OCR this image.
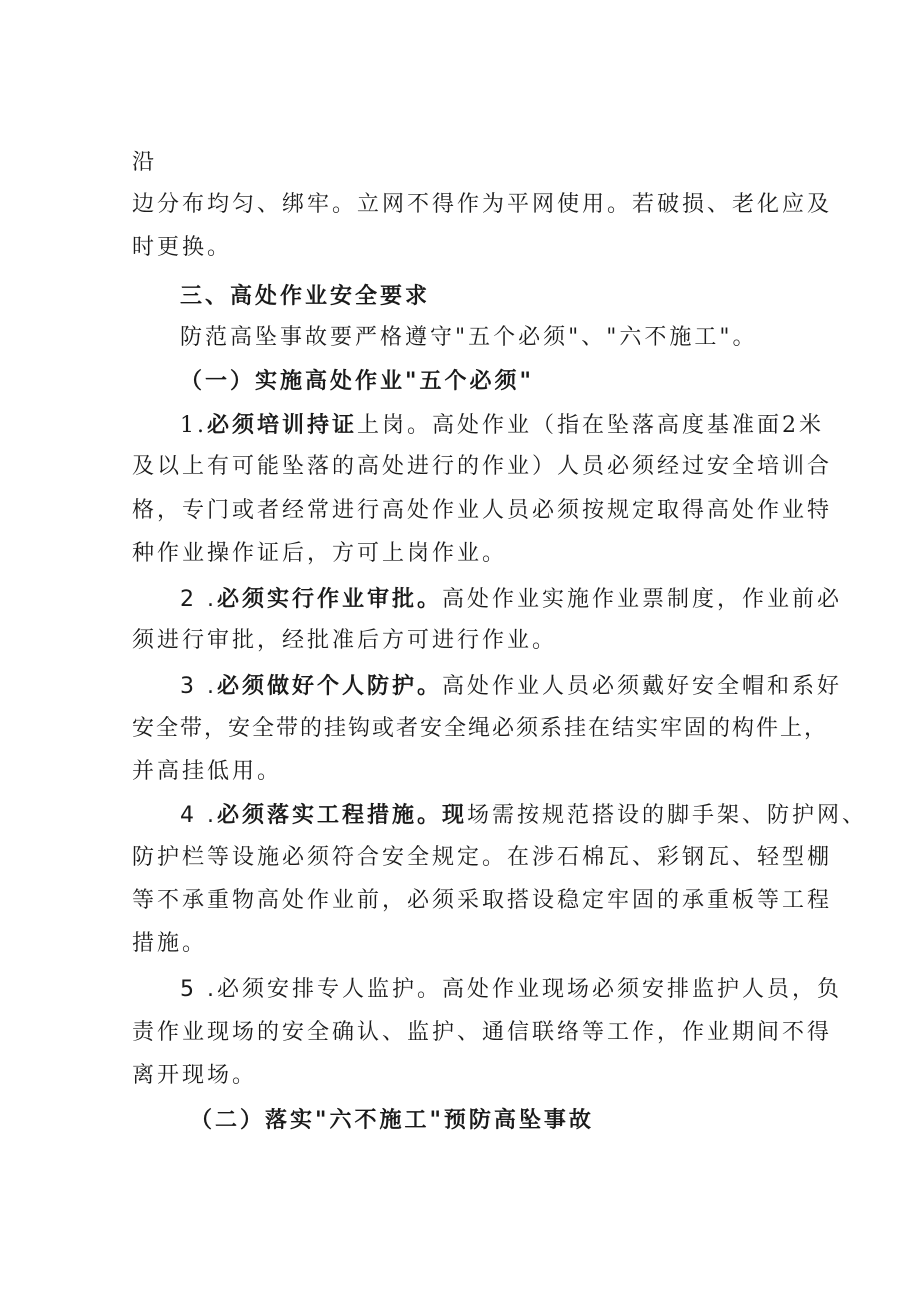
沿
边分布均匀、绑牢。立网不得作为平网使用。若破损、老化应及
时更换。
三、高处作业安全要求
防范高坠事故要严格遵守"五个必须"、"六不施工"。
（一）实施高处作业"五个必须"
1.必须培训持证上岗。高处作业（指在坠落高度基准面2米
及以上有可能坠落的高处进行的作业）人员必须经过安全培训合
格，专门或者经常进行高处作业人员必须按规定取得高处作业特
种作业操作证后，方可上岗作业。
2 .必须实行作业审批。高处作业实施作业票制度，作业前必
须进行审批，经批准后方可进行作业。
3 .必须做好个人防护。高处作业人员必须戴好安全帽和系好
安全带，安全带的挂钩或者安全绳必须系挂在结实牢固的构件上，
并高挂低用。
4 .必须落实工程措施。现场需按规范搭设的脚手架、防护网、
防护栏等设施必须符合安全规定。在涉石棉瓦、彩钢瓦、轻型棚
等不承重物高处作业前，必须采取搭设稳定牢固的承重板等工程
措施。
5 .必须安排专人监护。高处作业现场必须安排监护人员，负
责作业现场的安全确认、监护、通信联络等工作，作业期间不得
离开现场。
（二）落实"六不施工"预防高坠事故
